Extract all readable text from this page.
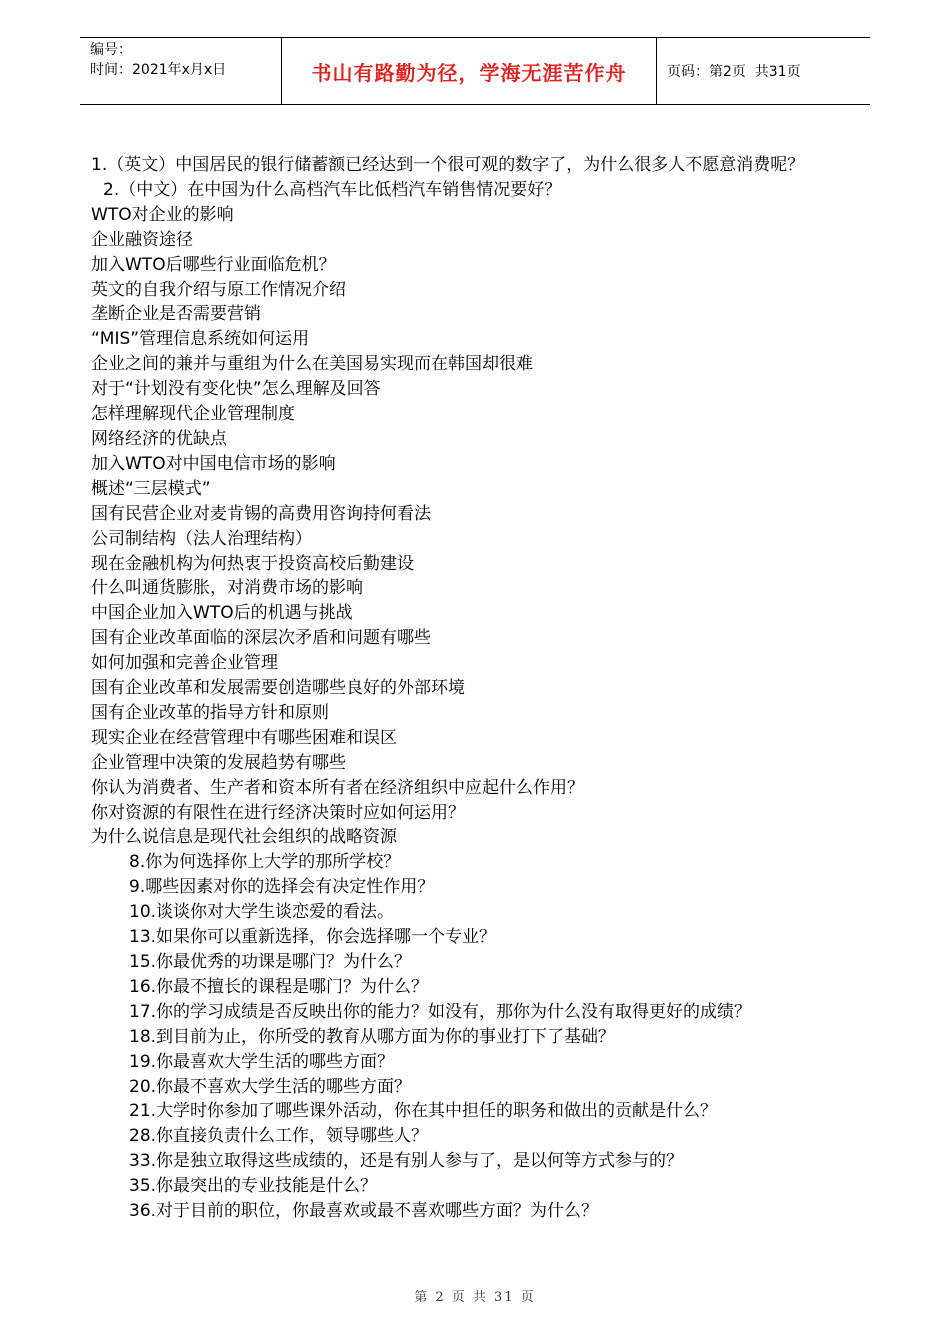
编号：
时间：2021年x月x日	书山有路勤为径，学海无涯苦作舟	页码：第2页  共31页
1.（英文）中国居民的银行储蓄额已经达到一个很可观的数字了，为什么很多人不愿意消费呢？
2.（中文）在中国为什么高档汽车比低档汽车销售情况要好？
WTO对企业的影响
企业融资途径
加入WTO后哪些行业面临危机？
英文的自我介绍与原工作情况介绍
垄断企业是否需要营销
“MIS”管理信息系统如何运用
企业之间的兼并与重组为什么在美国易实现而在韩国却很难
对于“计划没有变化快”怎么理解及回答
怎样理解现代企业管理制度
网络经济的优缺点
加入WTO对中国电信市场的影响
概述“三层模式”
国有民营企业对麦肯锡的高费用咨询持何看法
公司制结构（法人治理结构）
现在金融机构为何热衷于投资高校后勤建设
什么叫通货膨胀，对消费市场的影响
中国企业加入WTO后的机遇与挑战
国有企业改革面临的深层次矛盾和问题有哪些
如何加强和完善企业管理
国有企业改革和发展需要创造哪些良好的外部环境
国有企业改革的指导方针和原则
现实企业在经营管理中有哪些困难和误区
企业管理中决策的发展趋势有哪些
你认为消费者、生产者和资本所有者在经济组织中应起什么作用？
你对资源的有限性在进行经济决策时应如何运用？
为什么说信息是现代社会组织的战略资源
8.你为何选择你上大学的那所学校？
9.哪些因素对你的选择会有决定性作用？
10.谈谈你对大学生谈恋爱的看法。
13.如果你可以重新选择，你会选择哪一个专业？
15.你最优秀的功课是哪门？为什么？
16.你最不擅长的课程是哪门？为什么？
17.你的学习成绩是否反映出你的能力？如没有，那你为什么没有取得更好的成绩？
18.到目前为止，你所受的教育从哪方面为你的事业打下了基础？
19.你最喜欢大学生活的哪些方面？
20.你最不喜欢大学生活的哪些方面？
21.大学时你参加了哪些课外活动，你在其中担任的职务和做出的贡献是什么？
28.你直接负责什么工作，领导哪些人？
33.你是独立取得这些成绩的，还是有别人参与了，是以何等方式参与的？
35.你最突出的专业技能是什么？
36.对于目前的职位，你最喜欢或最不喜欢哪些方面？为什么？
第 2 页 共 31 页
